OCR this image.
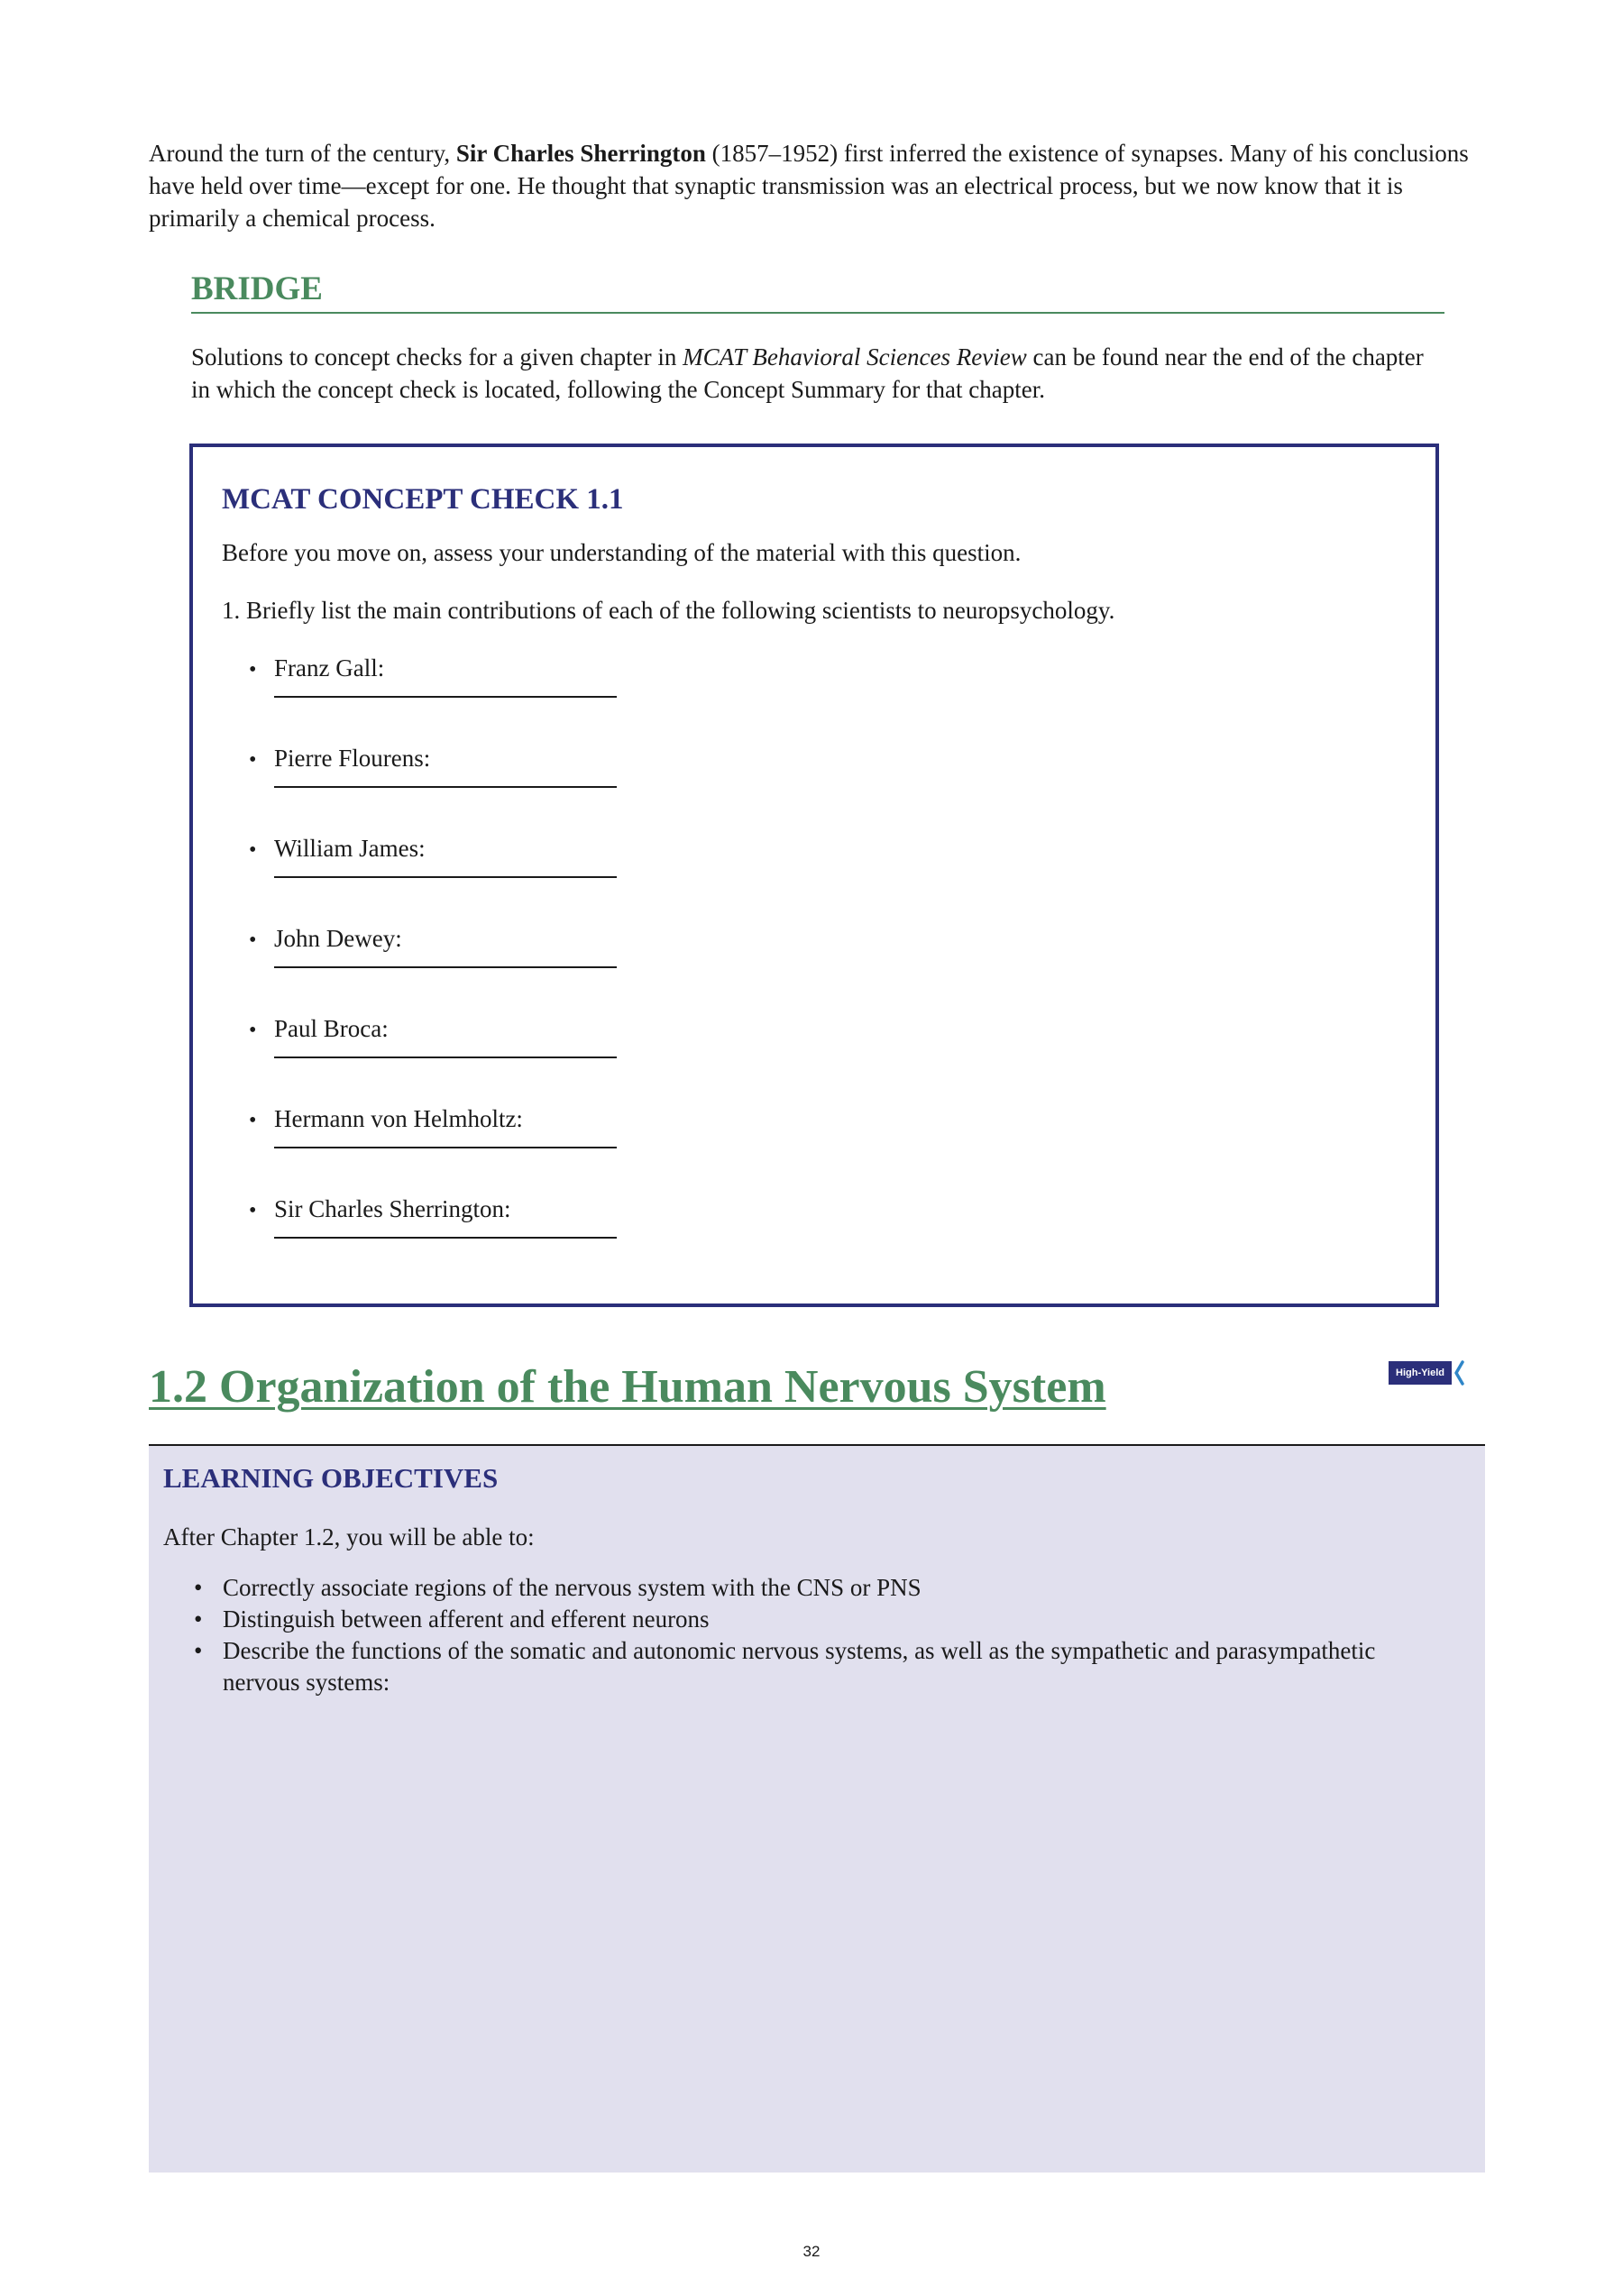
Around the turn of the century, Sir Charles Sherrington (1857–1952) first inferred the existence of synapses. Many of his conclusions have held over time—except for one. He thought that synaptic transmission was an electrical process, but we now know that it is primarily a chemical process.

BRIDGE

Solutions to concept checks for a given chapter in MCAT Behavioral Sciences Review can be found near the end of the chapter in which the concept check is located, following the Concept Summary for that chapter.

MCAT CONCEPT CHECK 1.1

Before you move on, assess your understanding of the material with this question.

1. Briefly list the main contributions of each of the following scientists to neuropsychology.

• Franz Gall:
• Pierre Flourens:
• William James:
• John Dewey:
• Paul Broca:
• Hermann von Helmholtz:
• Sir Charles Sherrington:
1.2 Organization of the Human Nervous System	High-Yield
LEARNING OBJECTIVES

After Chapter 1.2, you will be able to:

• Correctly associate regions of the nervous system with the CNS or PNS
• Distinguish between afferent and efferent neurons
• Describe the functions of the somatic and autonomic nervous systems, as well as the sympathetic and parasympathetic nervous systems:

32
